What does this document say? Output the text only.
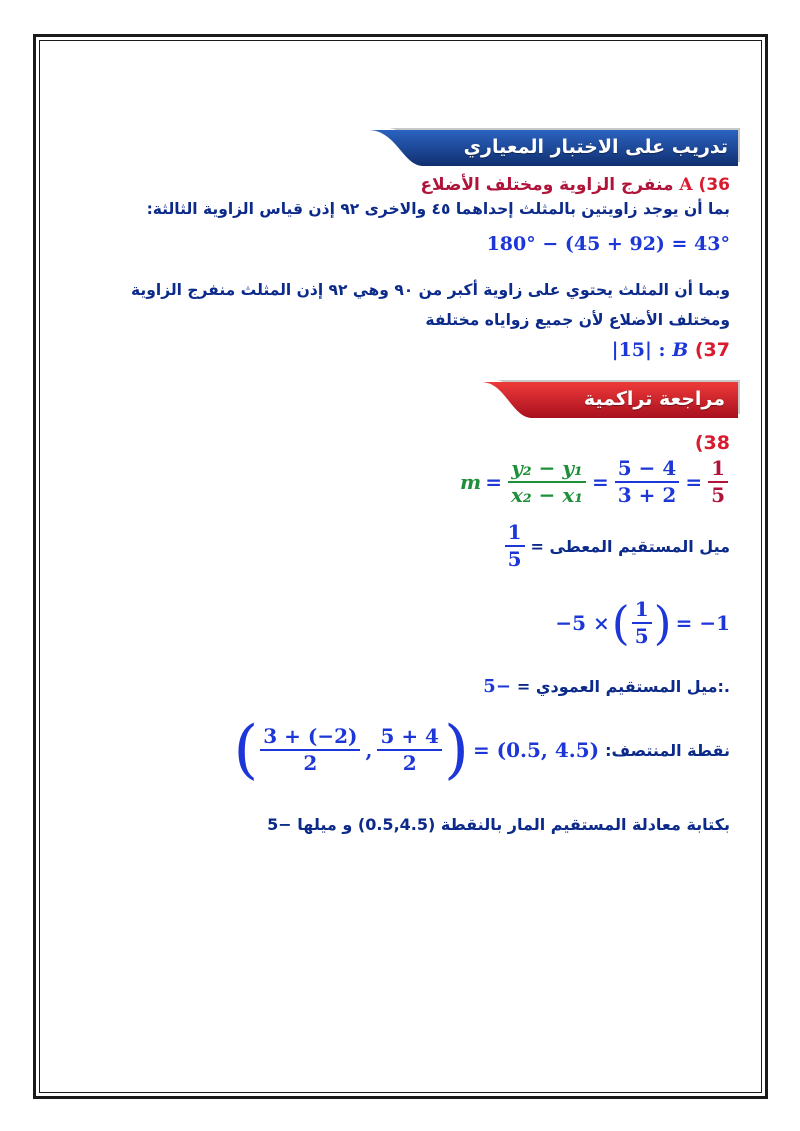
تدريب على الاختبار المعياري
36) A منفرج الزاوية ومختلف الأضلاع
بما أن يوجد زاويتين بالمثلث إحداهما ٤٥ والاخرى ٩٢ إذن قياس الزاوية الثالثة:
180° − (45 + 92) = 43°
وبما أن المثلث يحتوي على زاوية أكبر من ٩٠ وهي ٩٢ إذن المثلث منفرج الزاوية
ومختلف الأضلاع لأن جميع زواياه مختلفة
|15| : B (37
مراجعة تراكمية
(38
$m = \frac{\text{y₂ − y₁}}{\text{x₂ − x₁}} = \frac{5 - 4}{3 + 2} = \frac{1}{5}$
ميل المستقيم المعطى =
$\frac{1}{5}$
−5 × ( $\frac{1}{5}$ ) = −1
.:ميل المستقيم العمودي =
−5
نقطة المنتصف:
( $\frac{3 + (-2)}{2}$ , $\frac{5 + 4}{2}$ ) = (0.5, 4.5)
بكتابة معادلة المستقيم المار بالنقطة (0.5,4.5) و ميلها −5
